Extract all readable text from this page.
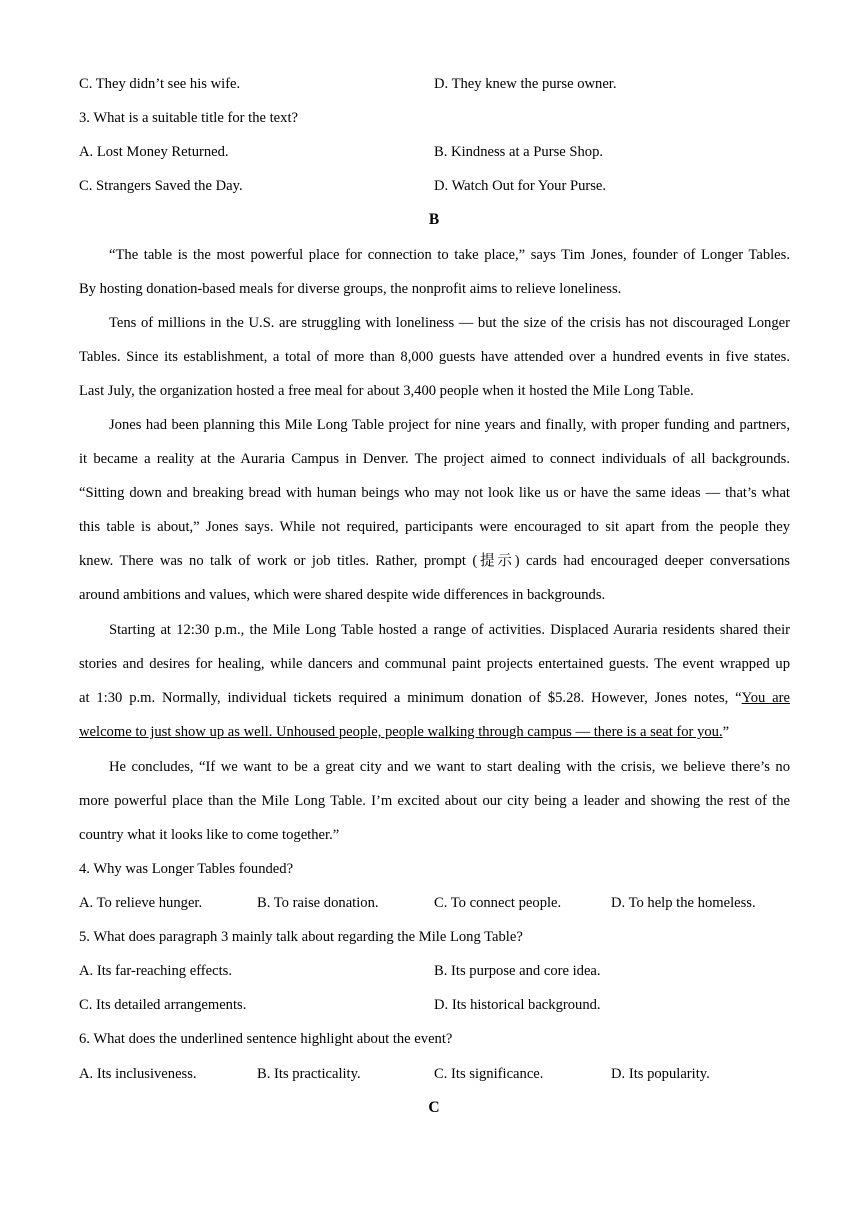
C. They didn’t see his wife.	D. They knew the purse owner.
3. What is a suitable title for the text?
A. Lost Money Returned.	B. Kindness at a Purse Shop.
C. Strangers Saved the Day.	D. Watch Out for Your Purse.
B
“The table is the most powerful place for connection to take place,” says Tim Jones, founder of Longer Tables.
By hosting donation-based meals for diverse groups, the nonprofit aims to relieve loneliness.
Tens of millions in the U.S. are struggling with loneliness — but the size of the crisis has not discouraged Longer
Tables. Since its establishment, a total of more than 8,000 guests have attended over a hundred events in five states.
Last July, the organization hosted a free meal for about 3,400 people when it hosted the Mile Long Table.
Jones had been planning this Mile Long Table project for nine years and finally, with proper funding and partners,
it became a reality at the Auraria Campus in Denver. The project aimed to connect individuals of all backgrounds.
“Sitting down and breaking bread with human beings who may not look like us or have the same ideas — that’s what
this table is about,” Jones says. While not required, participants were encouraged to sit apart from the people they
knew. There was no talk of work or job titles. Rather, prompt (提示) cards had encouraged deeper conversations
around ambitions and values, which were shared despite wide differences in backgrounds.
Starting at 12:30 p.m., the Mile Long Table hosted a range of activities. Displaced Auraria residents shared their
stories and desires for healing, while dancers and communal paint projects entertained guests. The event wrapped up
at 1:30 p.m. Normally, individual tickets required a minimum donation of $5.28. However, Jones notes, “You are
welcome to just show up as well. Unhoused people, people walking through campus — there is a seat for you.”
He concludes, “If we want to be a great city and we want to start dealing with the crisis, we believe there’s no
more powerful place than the Mile Long Table. I’m excited about our city being a leader and showing the rest of the
country what it looks like to come together.”
4. Why was Longer Tables founded?
A. To relieve hunger.	B. To raise donation.	C. To connect people.	D. To help the homeless.
5. What does paragraph 3 mainly talk about regarding the Mile Long Table?
A. Its far-reaching effects.	B. Its purpose and core idea.
C. Its detailed arrangements.	D. Its historical background.
6. What does the underlined sentence highlight about the event?
A. Its inclusiveness.	B. Its practicality.	C. Its significance.	D. Its popularity.
C
